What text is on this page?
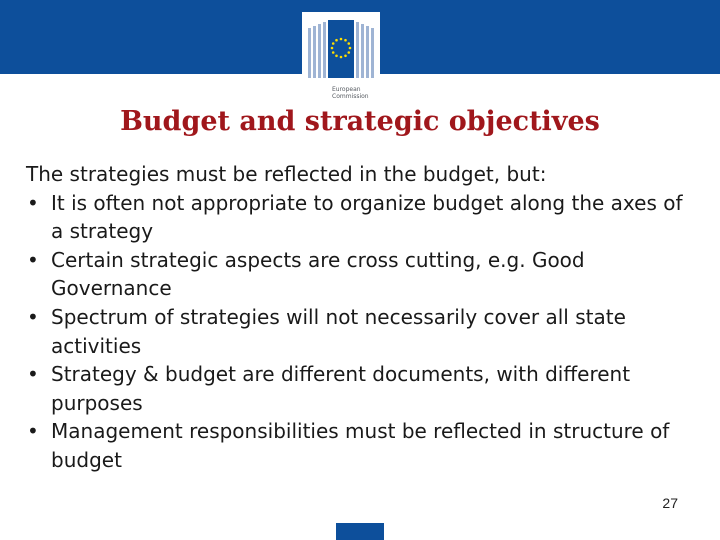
European
Commission
Budget and strategic objectives

The strategies must be reflected in the budget, but:

• It is often not appropriate to organize budget along the axes of a strategy
• Certain strategic aspects are cross cutting, e.g. Good Governance
• Spectrum of strategies will not necessarily cover all state activities
• Strategy & budget are different documents, with different purposes
• Management responsibilities must be reflected in structure of budget
27
